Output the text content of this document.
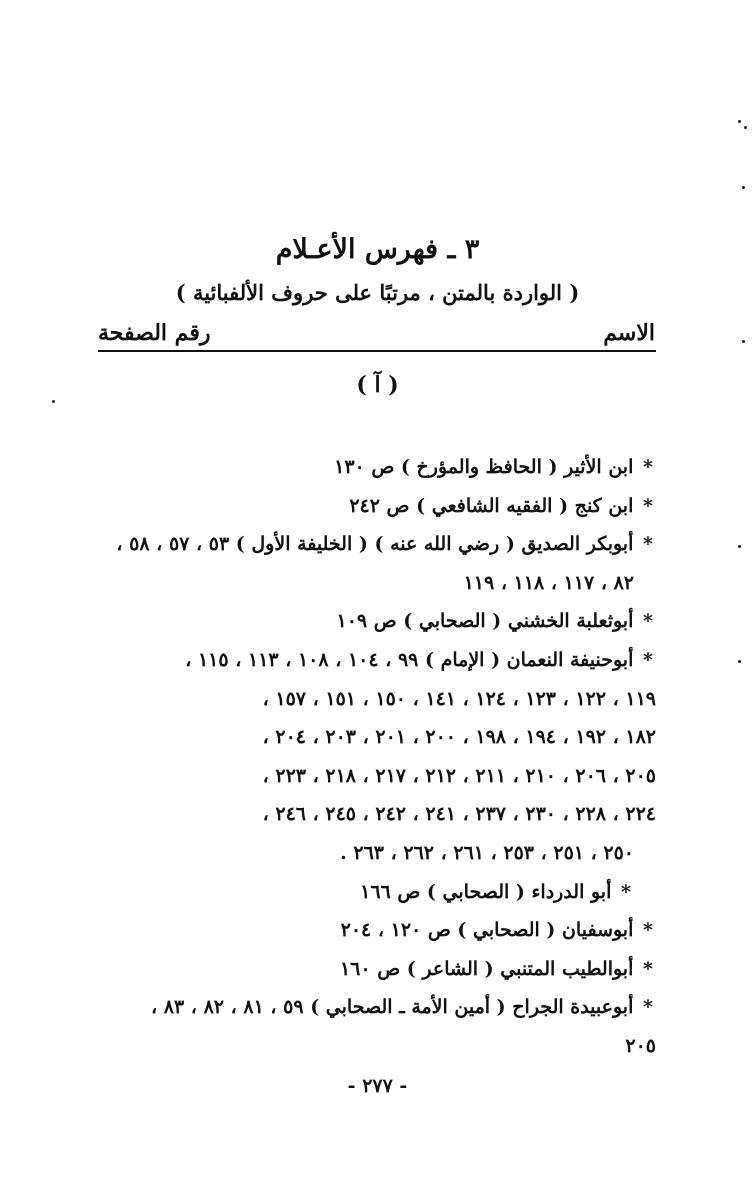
٣ ـ فهرس الأعـلام
( الواردة بالمتن ، مرتبًا على حروف الألفبائية )
الاسم
رقم الصفحة
( آ )
* ابن الأثير ( الحافظ والمؤرخ ) ص ١٣٠
* ابن كنج ( الفقيه الشافعي ) ص ٢٤٢
* أبوبكر الصديق ( رضي الله عنه ) ( الخليفة الأول ) ٥٣ ، ٥٧ ، ٥٨ ،
٨٢ ، ١١٧ ، ١١٨ ، ١١٩
* أبوثعلبة الخشني ( الصحابي ) ص ١٠٩
* أبوحنيفة النعمان ( الإمام ) ٩٩ ، ١٠٤ ، ١٠٨ ، ١١٣ ، ١١٥ ،
١١٩ ، ١٢٢ ، ١٢٣ ، ١٢٤ ، ١٤١ ، ١٥٠ ، ١٥١ ، ١٥٧ ،
١٨٢ ، ١٩٢ ، ١٩٤ ، ١٩٨ ، ٢٠٠ ، ٢٠١ ، ٢٠٣ ، ٢٠٤ ،
٢٠٥ ، ٢٠٦ ، ٢١٠ ، ٢١١ ، ٢١٢ ، ٢١٧ ، ٢١٨ ، ٢٢٣ ،
٢٢٤ ، ٢٢٨ ، ٢٣٠ ، ٢٣٧ ، ٢٤١ ، ٢٤٢ ، ٢٤٥ ، ٢٤٦ ،
٢٥٠ ، ٢٥١ ، ٢٥٣ ، ٢٦١ ، ٢٦٢ ، ٢٦٣ .
* أبو الدرداء ( الصحابي ) ص ١٦٦
* أبوسفيان ( الصحابي ) ص ١٢٠ ، ٢٠٤
* أبوالطيب المتنبي ( الشاعر ) ص ١٦٠
* أبوعبيدة الجراح ( أمين الأمة ـ الصحابي ) ٥٩ ، ٨١ ، ٨٢ ، ٨٣ ،
٢٠٥
- ٢٧٧ -
